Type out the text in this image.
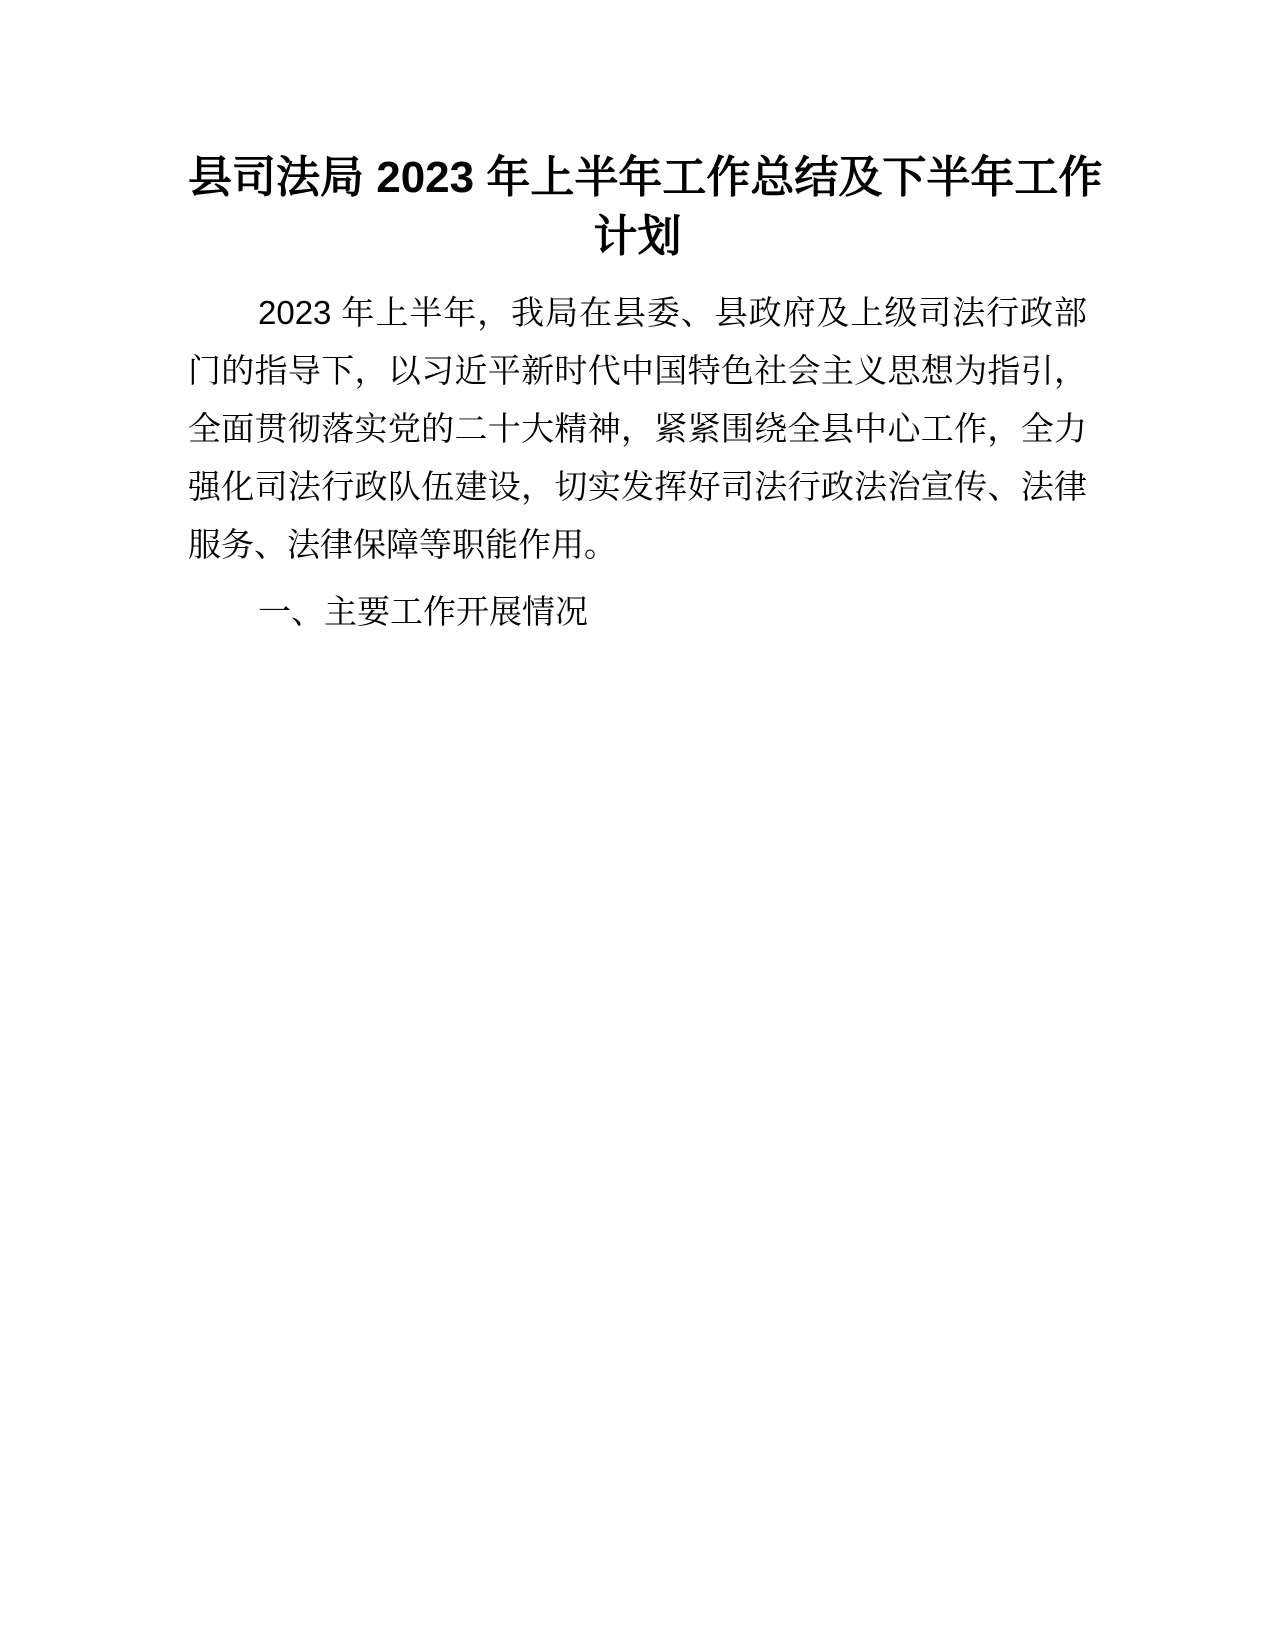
县司法局 2023 年上半年工作总结及下半年工作
计划
2023 年上半年，我局在县委、县政府及上级司法行政部
门的指导下，以习近平新时代中国特色社会主义思想为指引，
全面贯彻落实党的二十大精神，紧紧围绕全县中心工作，全力
强化司法行政队伍建设，切实发挥好司法行政法治宣传、法律
服务、法律保障等职能作用。
一、主要工作开展情况
